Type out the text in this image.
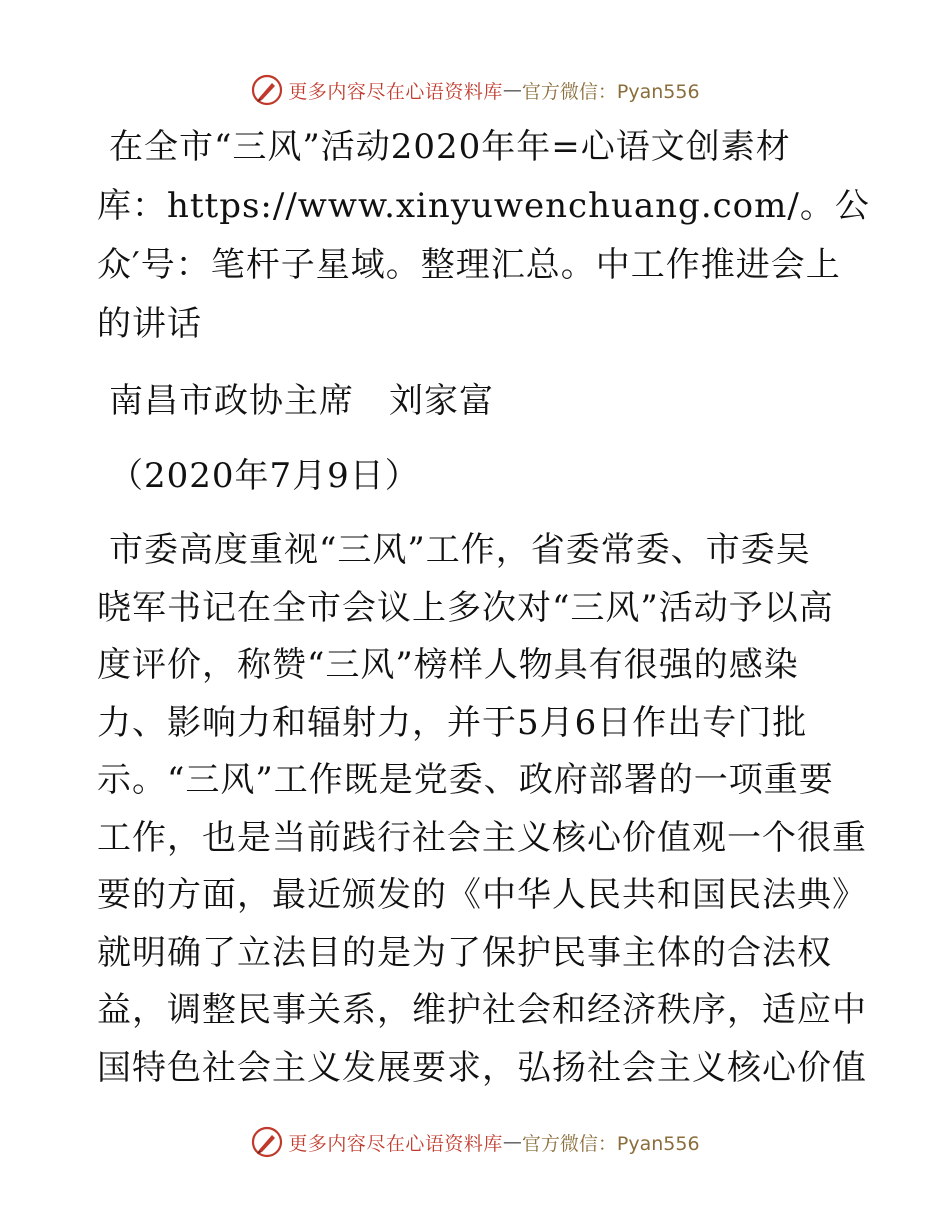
更多内容尽在心语资料库 — 官方微信：Pyan556
在全市“三风”活动2020年年=心语文创素材
库：https://www.xinyuwenchuang.com/。公
众′号：笔杆子星域。整理汇总。中工作推进会上
的讲话
南昌市政协主席　刘家富
（2020年7月9日）
市委高度重视“三风”工作，省委常委、市委吴
晓军书记在全市会议上多次对“三风”活动予以高
度评价，称赞“三风”榜样人物具有很强的感染
力、影响力和辐射力，并于5月6日作出专门批
示。“三风”工作既是党委、政府部署的一项重要
工作，也是当前践行社会主义核心价值观一个很重
要的方面，最近颁发的《中华人民共和国民法典》
就明确了立法目的是为了保护民事主体的合法权
益，调整民事关系，维护社会和经济秩序，适应中
国特色社会主义发展要求，弘扬社会主义核心价值
更多内容尽在心语资料库 — 官方微信：Pyan556
